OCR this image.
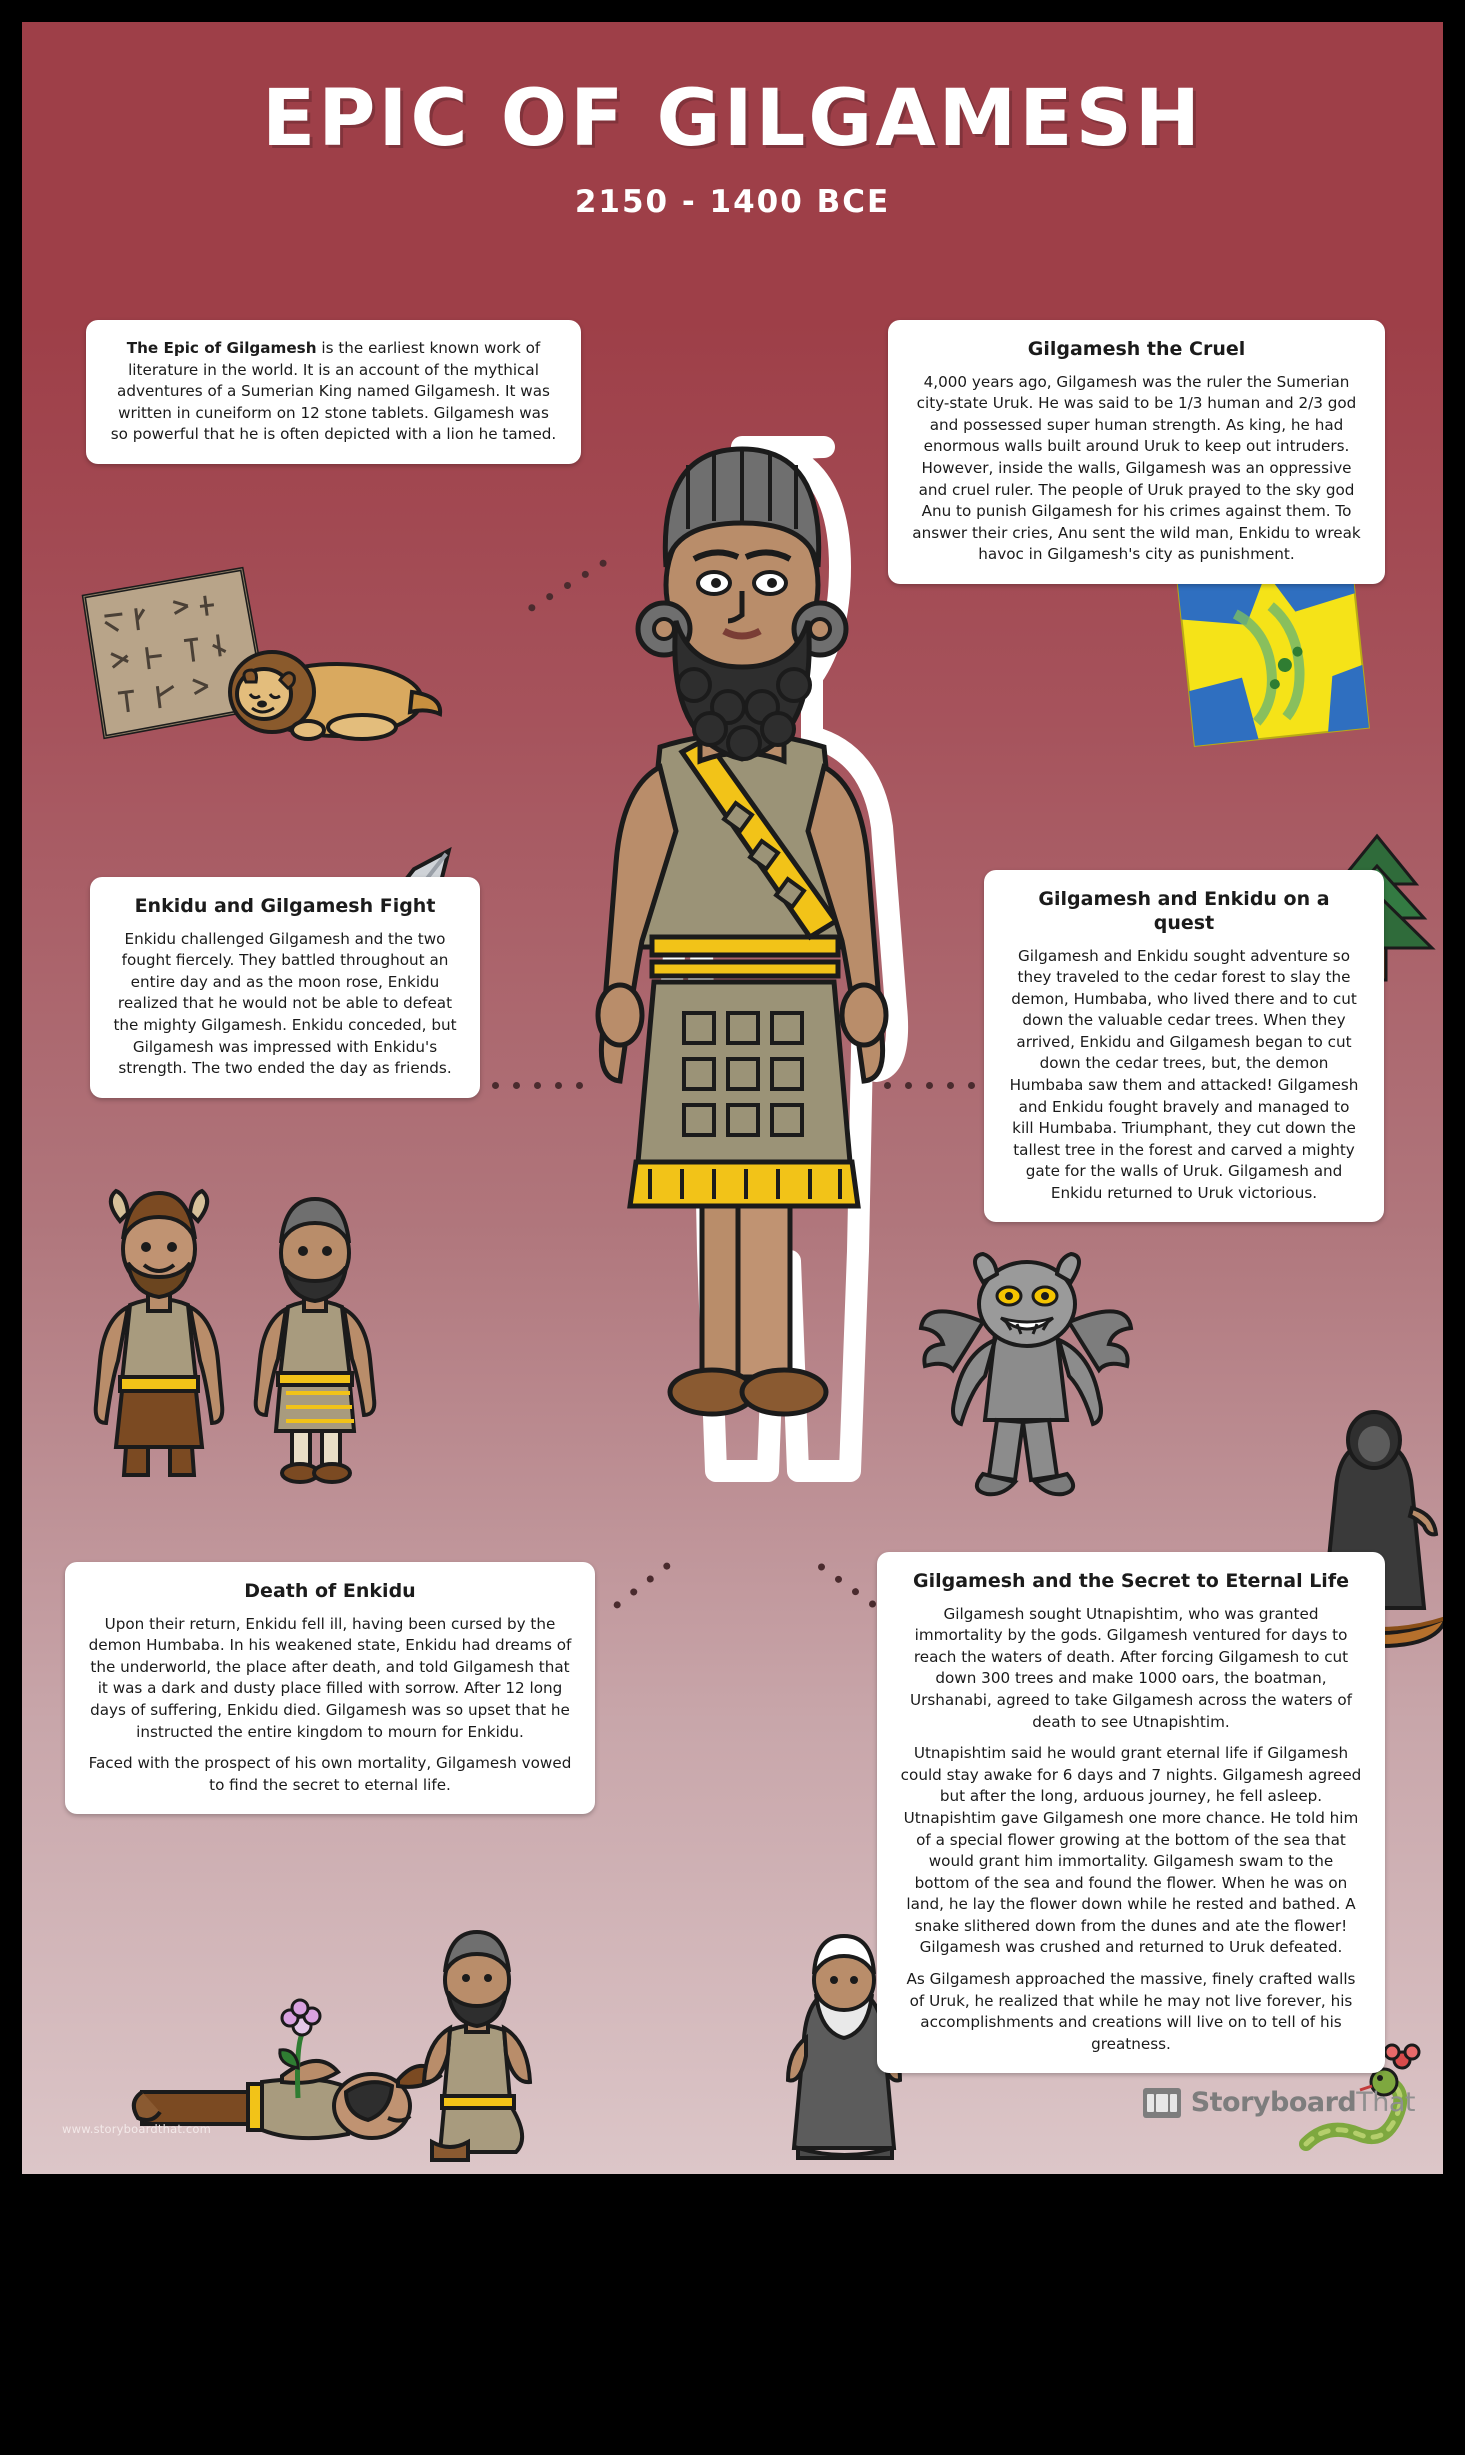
EPIC OF GILGAMESH
2150 - 1400 BCE

The Epic of Gilgamesh is the earliest known work of literature in the world. It is an account of the mythical adventures of a Sumerian King named Gilgamesh. It was written in cuneiform on 12 stone tablets. Gilgamesh was so powerful that he is often depicted with a lion he tamed.

Gilgamesh the Cruel

4,000 years ago, Gilgamesh was the ruler the Sumerian city-state Uruk. He was said to be 1/3 human and 2/3 god and possessed super human strength. As king, he had enormous walls built around Uruk to keep out intruders. However, inside the walls, Gilgamesh was an oppressive and cruel ruler. The people of Uruk prayed to the sky god Anu to punish Gilgamesh for his crimes against them. To answer their cries, Anu sent the wild man, Enkidu to wreak havoc in Gilgamesh's city as punishment.

Enkidu and Gilgamesh Fight

Enkidu challenged Gilgamesh and the two fought fiercely. They battled throughout an entire day and as the moon rose, Enkidu realized that he would not be able to defeat the mighty Gilgamesh. Enkidu conceded, but Gilgamesh was impressed with Enkidu's strength. The two ended the day as friends.

Gilgamesh and Enkidu on a quest

Gilgamesh and Enkidu sought adventure so they traveled to the cedar forest to slay the demon, Humbaba, who lived there and to cut down the valuable cedar trees. When they arrived, Enkidu and Gilgamesh began to cut down the cedar trees, but, the demon Humbaba saw them and attacked! Gilgamesh and Enkidu fought bravely and managed to kill Humbaba. Triumphant, they cut down the tallest tree in the forest and carved a mighty gate for the walls of Uruk. Gilgamesh and Enkidu returned to Uruk victorious.

Death of Enkidu

Upon their return, Enkidu fell ill, having been cursed by the demon Humbaba. In his weakened state, Enkidu had dreams of the underworld, the place after death, and told Gilgamesh that it was a dark and dusty place filled with sorrow. After 12 long days of suffering, Enkidu died. Gilgamesh was so upset that he instructed the entire kingdom to mourn for Enkidu.

Faced with the prospect of his own mortality, Gilgamesh vowed to find the secret to eternal life.

Gilgamesh and the Secret to Eternal Life

Gilgamesh sought Utnapishtim, who was granted immortality by the gods. Gilgamesh ventured for days to reach the waters of death. After forcing Gilgamesh to cut down 300 trees and make 1000 oars, the boatman, Urshanabi, agreed to take Gilgamesh across the waters of death to see Utnapishtim.

Utnapishtim said he would grant eternal life if Gilgamesh could stay awake for 6 days and 7 nights. Gilgamesh agreed but after the long, arduous journey, he fell asleep. Utnapishtim gave Gilgamesh one more chance. He told him of a special flower growing at the bottom of the sea that would grant him immortality. Gilgamesh swam to the bottom of the sea and found the flower. When he was on land, he lay the flower down while he rested and bathed. A snake slithered down from the dunes and ate the flower! Gilgamesh was crushed and returned to Uruk defeated.

As Gilgamesh approached the massive, finely crafted walls of Uruk, he realized that while he may not live forever, his accomplishments and creations will live on to tell of his greatness.

www.storyboardthat.com
StoryboardThat
